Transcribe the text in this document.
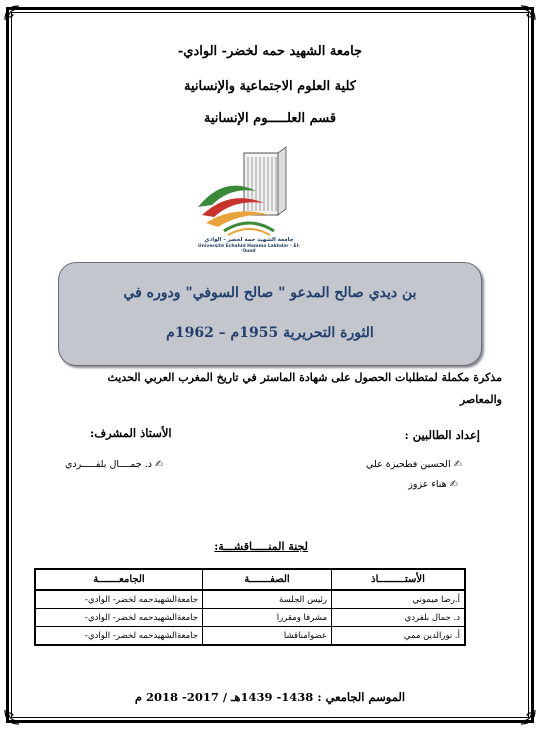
جامعة الشهيد حمه لخضر- الوادي-
كلية العلوم الاجتماعية والإنسانية
قسم العلـــــوم الإنسانية
جامعة الشهيد حمه لخضر - الوادي
Université Echahid Hamma Lakhdar - El-Oued
بن ديدي صالح المدعو " صالح السوفي" ودوره في
الثورة التحريرية 1955م – 1962م
مذكرة مكملة لمتطلبات الحصول على شهادة الماستر في تاريخ المغرب العربي الحديث
والمعاصر
إعداد الطالبين :
الأستاذ المشرف:
✍الحسين فطحيزة علي
✍هناء عزوز
✍د. جمــــال بلفـــــردي
لجنة المنـــــاقشـــة:
الأستـــــــــاذ	الصفـــــــة	الجامعـــــــة
أ.رضا ميموني	رئيس الجلسة	جامعةالشهيدحمه لخضر- الوادي-
د. جمال بلفردي	مشرفا ومقررا	جامعةالشهيدحمه لخضر- الوادي-
أ. نورالدين ممي	عضوامناقشا	جامعةالشهيدحمه لخضر- الوادي-
الموسم الجامعي : 1438- 1439هـ / 2017- 2018 م
